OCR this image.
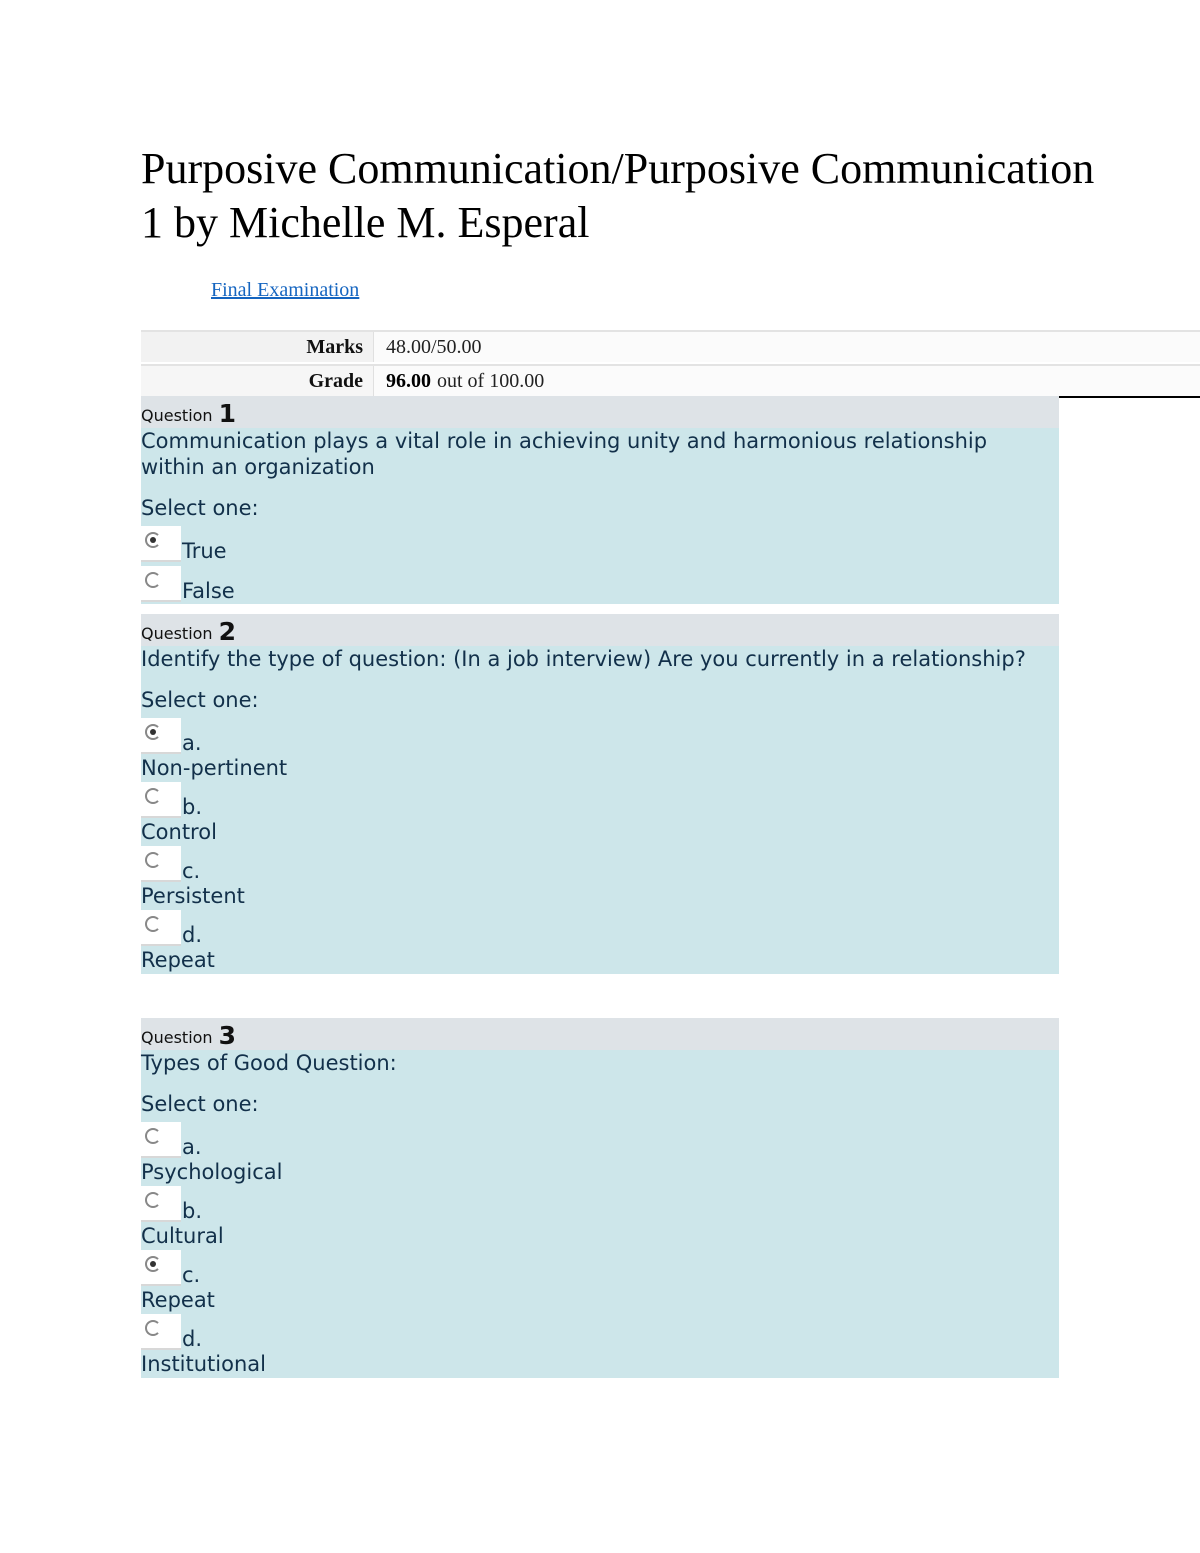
Purposive Communication/Purposive Communication 1 by Michelle M. Esperal
Final Examination
Marks	48.00/50.00
Grade	96.00 out of 100.00
Question 1
Communication plays a vital role in achieving unity and harmonious relationship within an organization
Select one:
True
False
Question 2
Identify the type of question: (In a job interview) Are you currently in a relationship?
Select one:
a.
Non-pertinent
b.
Control
c.
Persistent
d.
Repeat
Question 3
Types of Good Question:
Select one:
a.
Psychological
b.
Cultural
c.
Repeat
d.
Institutional
